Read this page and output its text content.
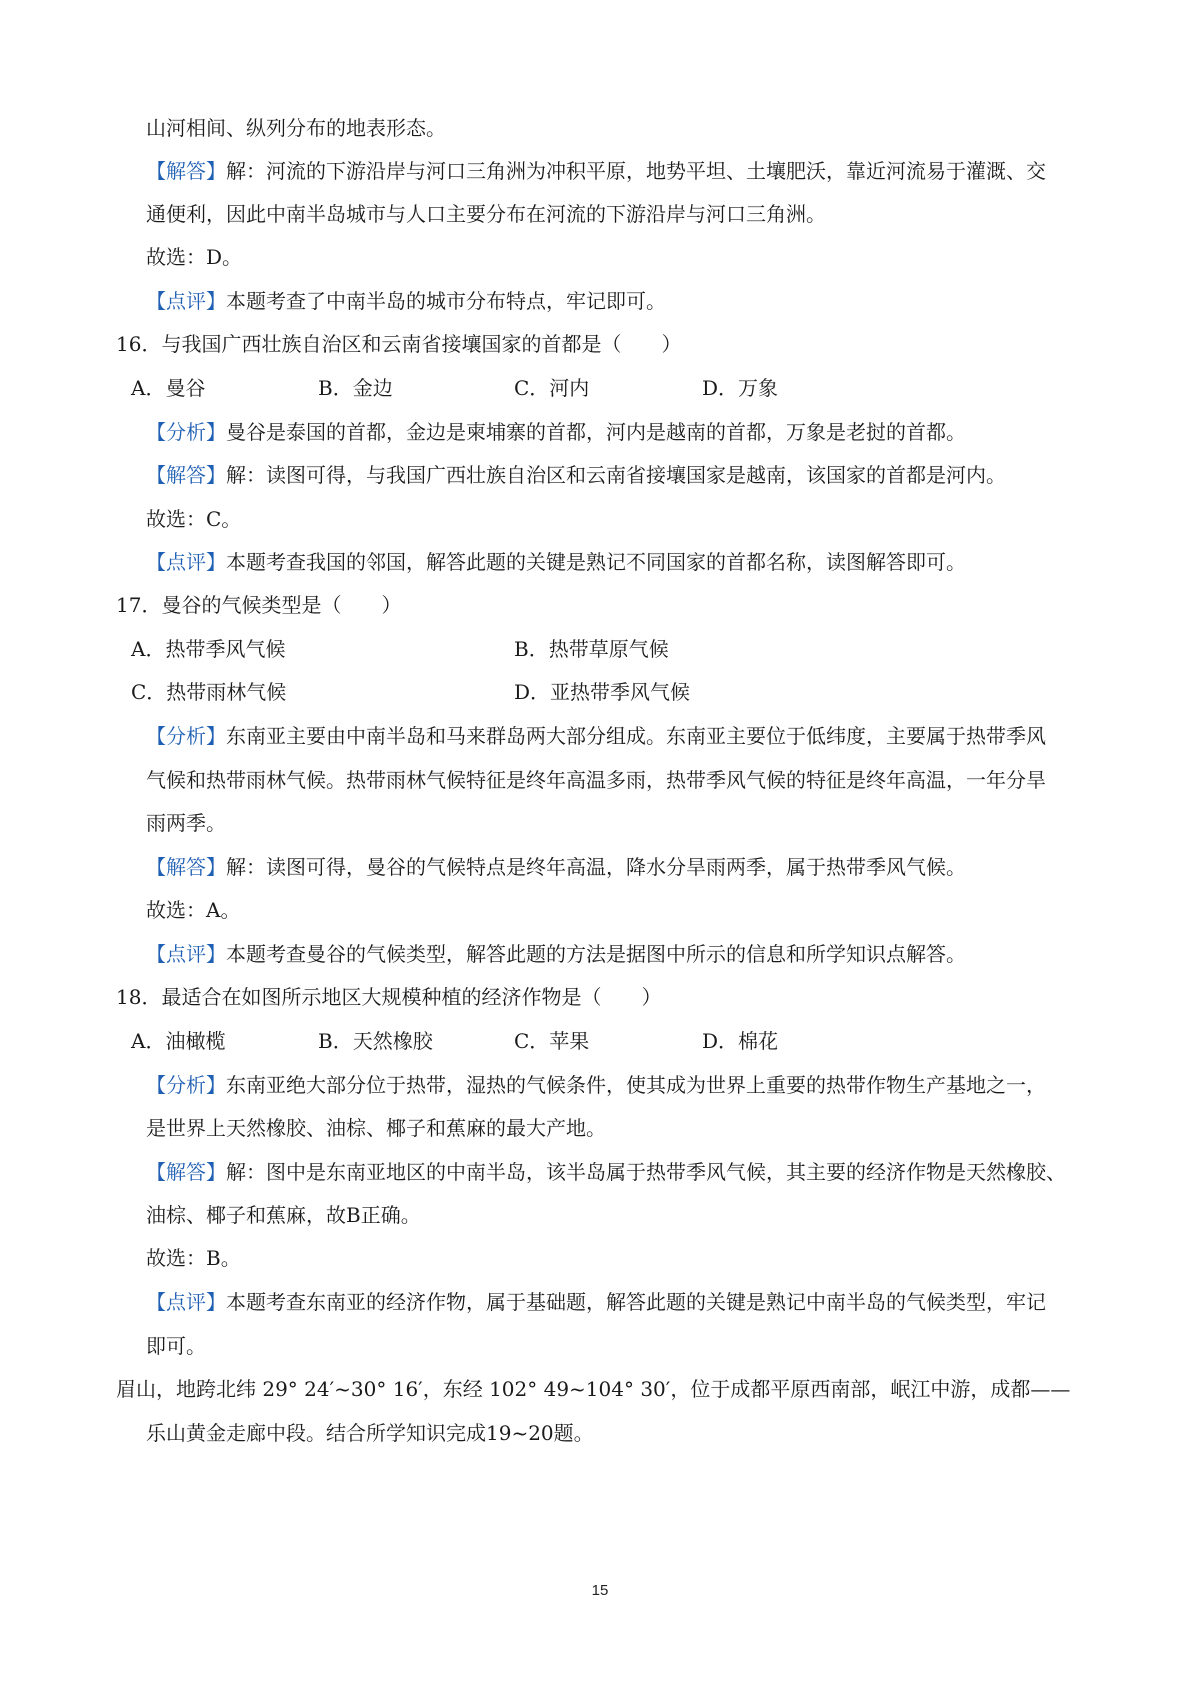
山河相间、纵列分布的地表形态。
【解答】解：河流的下游沿岸与河口三角洲为冲积平原，地势平坦、土壤肥沃，靠近河流易于灌溉、交
通便利，因此中南半岛城市与人口主要分布在河流的下游沿岸与河口三角洲。
故选：D。
【点评】本题考查了中南半岛的城市分布特点，牢记即可。
16．与我国广西壮族自治区和云南省接壤国家的首都是（　　）
A．曼谷	B．金边	C．河内	D．万象
【分析】曼谷是泰国的首都，金边是柬埔寨的首都，河内是越南的首都，万象是老挝的首都。
【解答】解：读图可得，与我国广西壮族自治区和云南省接壤国家是越南，该国家的首都是河内。
故选：C。
【点评】本题考查我国的邻国，解答此题的关键是熟记不同国家的首都名称，读图解答即可。
17．曼谷的气候类型是（　　）
A．热带季风气候	B．热带草原气候
C．热带雨林气候	D．亚热带季风气候
【分析】东南亚主要由中南半岛和马来群岛两大部分组成。东南亚主要位于低纬度，主要属于热带季风
气候和热带雨林气候。热带雨林气候特征是终年高温多雨，热带季风气候的特征是终年高温，一年分旱
雨两季。
【解答】解：读图可得，曼谷的气候特点是终年高温，降水分旱雨两季，属于热带季风气候。
故选：A。
【点评】本题考查曼谷的气候类型，解答此题的方法是据图中所示的信息和所学知识点解答。
18．最适合在如图所示地区大规模种植的经济作物是（　　）
A．油橄榄	B．天然橡胶	C．苹果	D．棉花
【分析】东南亚绝大部分位于热带，湿热的气候条件，使其成为世界上重要的热带作物生产基地之一，
是世界上天然橡胶、油棕、椰子和蕉麻的最大产地。
【解答】解：图中是东南亚地区的中南半岛，该半岛属于热带季风气候，其主要的经济作物是天然橡胶、
油棕、椰子和蕉麻，故B正确。
故选：B。
【点评】本题考查东南亚的经济作物，属于基础题，解答此题的关键是熟记中南半岛的气候类型，牢记
即可。
眉山，地跨北纬 29° 24′~30° 16′，东经 102° 49~104° 30′，位于成都平原西南部，岷江中游，成都——
乐山黄金走廊中段。结合所学知识完成19~20题。
15
